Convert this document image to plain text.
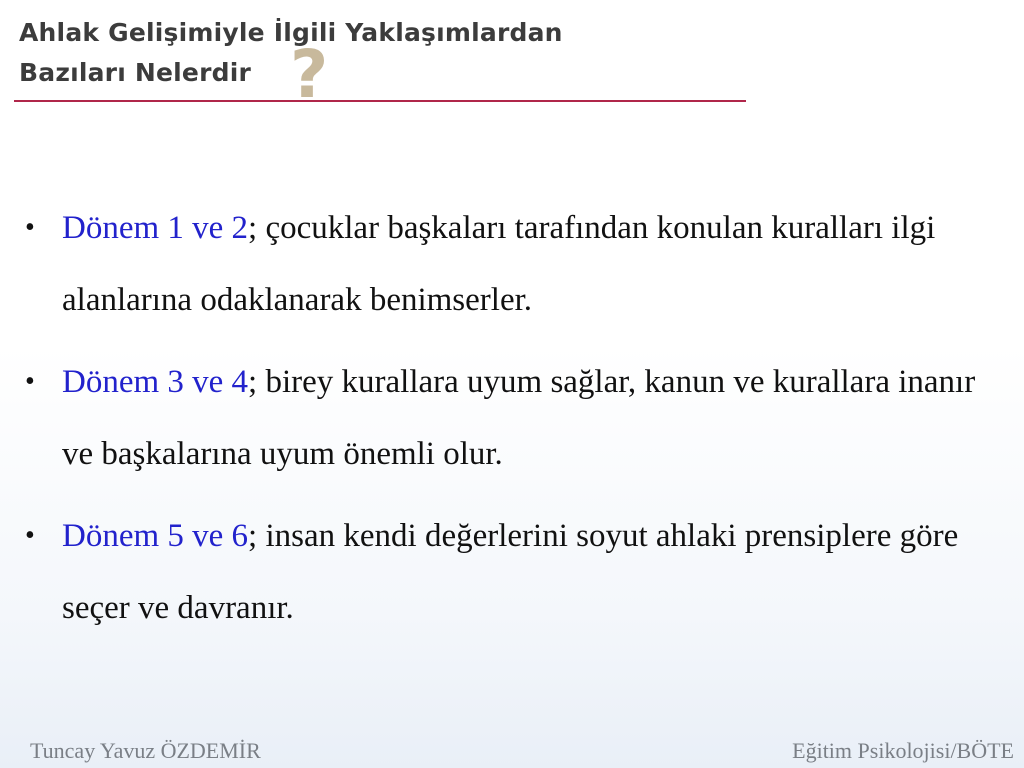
Ahlak Gelişimiyle İlgili Yaklaşımlardan
Bazıları Nelerdir ?
• Dönem 1 ve 2; çocuklar başkaları tarafından konulan kuralları ilgi alanlarına odaklanarak benimserler.
• Dönem 3 ve 4; birey kurallara uyum sağlar, kanun ve kurallara inanır ve başkalarına uyum önemli olur.
• Dönem 5 ve 6; insan kendi değerlerini soyut ahlaki prensiplere göre seçer ve davranır.
Tuncay Yavuz ÖZDEMİR	Eğitim Psikolojisi/BÖTE
